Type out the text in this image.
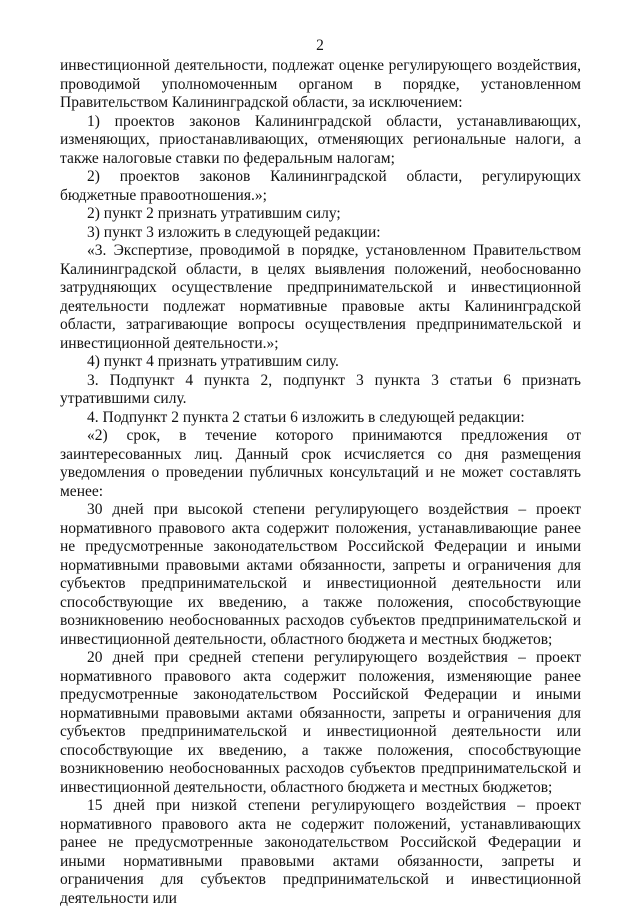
2

инвестиционной деятельности, подлежат оценке регулирующего воздействия, проводимой уполномоченным органом в порядке, установленном Правительством Калининградской области, за исключением:

1) проектов законов Калининградской области, устанавливающих, изменяющих, приостанавливающих, отменяющих региональные налоги, а также налоговые ставки по федеральным налогам;

2) проектов законов Калининградской области, регулирующих бюджетные правоотношения.»;

2) пункт 2 признать утратившим силу;

3) пункт 3 изложить в следующей редакции:

«3. Экспертизе, проводимой в порядке, установленном Правительством Калининградской области, в целях выявления положений, необоснованно затрудняющих осуществление предпринимательской и инвестиционной деятельности подлежат нормативные правовые акты Калининградской области, затрагивающие вопросы осуществления предпринимательской и инвестиционной деятельности.»;

4) пункт 4 признать утратившим силу.

3. Подпункт 4 пункта 2, подпункт 3 пункта 3 статьи 6 признать утратившими силу.

4. Подпункт 2 пункта 2 статьи 6 изложить в следующей редакции:

«2) срок, в течение которого принимаются предложения от заинтересованных лиц. Данный срок исчисляется со дня размещения уведомления о проведении публичных консультаций и не может составлять менее:

30 дней при высокой степени регулирующего воздействия – проект нормативного правового акта содержит положения, устанавливающие ранее не предусмотренные законодательством Российской Федерации и иными нормативными правовыми актами обязанности, запреты и ограничения для субъектов предпринимательской и инвестиционной деятельности или способствующие их введению, а также положения, способствующие возникновению необоснованных расходов субъектов предпринимательской и инвестиционной деятельности, областного бюджета и местных бюджетов;

20 дней при средней степени регулирующего воздействия – проект нормативного правового акта содержит положения, изменяющие ранее предусмотренные законодательством Российской Федерации и иными нормативными правовыми актами обязанности, запреты и ограничения для субъектов предпринимательской и инвестиционной деятельности или способствующие их введению, а также положения, способствующие возникновению необоснованных расходов субъектов предпринимательской и инвестиционной деятельности, областного бюджета и местных бюджетов;

15 дней при низкой степени регулирующего воздействия – проект нормативного правового акта не содержит положений, устанавливающих ранее не предусмотренные законодательством Российской Федерации и иными нормативными правовыми актами обязанности, запреты и ограничения для субъектов предпринимательской и инвестиционной деятельности или
